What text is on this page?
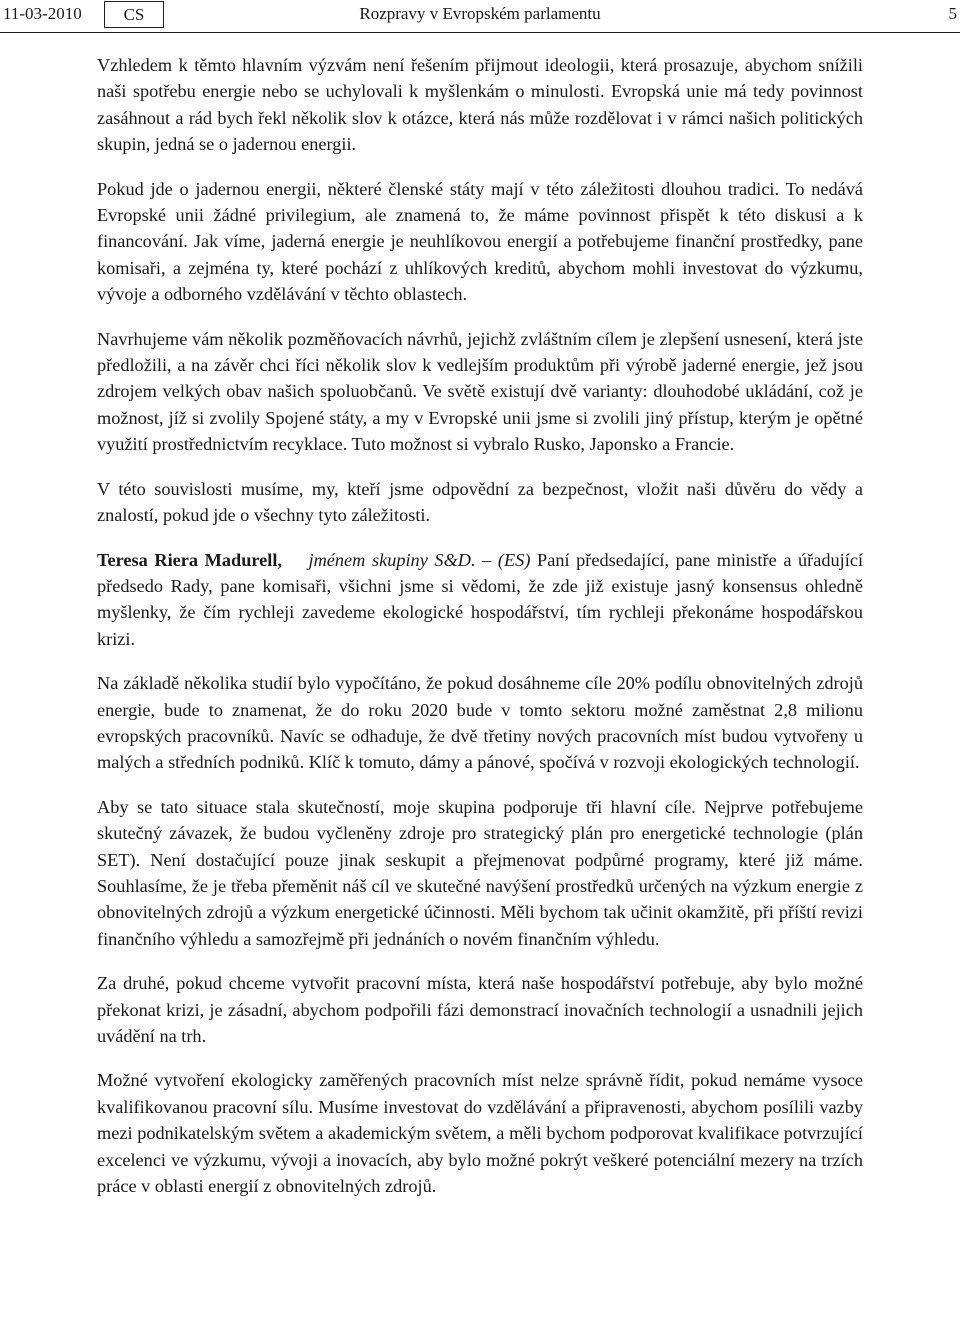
11-03-2010	CS	Rozpravy v Evropském parlamentu	5

Vzhledem k těmto hlavním výzvám není řešením přijmout ideologii, která prosazuje, abychom snížili naši spotřebu energie nebo se uchylovali k myšlenkám o minulosti. Evropská unie má tedy povinnost zasáhnout a rád bych řekl několik slov k otázce, která nás může rozdělovat i v rámci našich politických skupin, jedná se o jadernou energii.

Pokud jde o jadernou energii, některé členské státy mají v této záležitosti dlouhou tradici. To nedává Evropské unii žádné privilegium, ale znamená to, že máme povinnost přispět k této diskusi a k financování. Jak víme, jaderná energie je neuhlíkovou energií a potřebujeme finanční prostředky, pane komisaři, a zejména ty, které pochází z uhlíkových kreditů, abychom mohli investovat do výzkumu, vývoje a odborného vzdělávání v těchto oblastech.

Navrhujeme vám několik pozměňovacích návrhů, jejichž zvláštním cílem je zlepšení usnesení, která jste předložili, a na závěr chci říci několik slov k vedlejším produktům při výrobě jaderné energie, jež jsou zdrojem velkých obav našich spoluobčanů. Ve světě existují dvě varianty: dlouhodobé ukládání, což je možnost, jíž si zvolily Spojené státy, a my v Evropské unii jsme si zvolili jiný přístup, kterým je opětné využití prostřednictvím recyklace. Tuto možnost si vybralo Rusko, Japonsko a Francie.

V této souvislosti musíme, my, kteří jsme odpovědní za bezpečnost, vložit naši důvěru do vědy a znalostí, pokud jde o všechny tyto záležitosti.

Teresa Riera Madurell, jménem skupiny S&D. – (ES) Paní předsedající, pane ministře a úřadující předsedo Rady, pane komisaři, všichni jsme si vědomi, že zde již existuje jasný konsensus ohledně myšlenky, že čím rychleji zavedeme ekologické hospodářství, tím rychleji překonáme hospodářskou krizi.

Na základě několika studií bylo vypočítáno, že pokud dosáhneme cíle 20% podílu obnovitelných zdrojů energie, bude to znamenat, že do roku 2020 bude v tomto sektoru možné zaměstnat 2,8 milionu evropských pracovníků. Navíc se odhaduje, že dvě třetiny nových pracovních míst budou vytvořeny u malých a středních podniků. Klíč k tomuto, dámy a pánové, spočívá v rozvoji ekologických technologií.

Aby se tato situace stala skutečností, moje skupina podporuje tři hlavní cíle. Nejprve potřebujeme skutečný závazek, že budou vyčleněny zdroje pro strategický plán pro energetické technologie (plán SET). Není dostačující pouze jinak seskupit a přejmenovat podpůrné programy, které již máme. Souhlasíme, že je třeba přeměnit náš cíl ve skutečné navýšení prostředků určených na výzkum energie z obnovitelných zdrojů a výzkum energetické účinnosti. Měli bychom tak učinit okamžitě, při příští revizi finančního výhledu a samozřejmě při jednáních o novém finančním výhledu.

Za druhé, pokud chceme vytvořit pracovní místa, která naše hospodářství potřebuje, aby bylo možné překonat krizi, je zásadní, abychom podpořili fázi demonstrací inovačních technologií a usnadnili jejich uvádění na trh.

Možné vytvoření ekologicky zaměřených pracovních míst nelze správně řídit, pokud nemáme vysoce kvalifikovanou pracovní sílu. Musíme investovat do vzdělávání a připravenosti, abychom posílili vazby mezi podnikatelským světem a akademickým světem, a měli bychom podporovat kvalifikace potvrzující excelenci ve výzkumu, vývoji a inovacích, aby bylo možné pokrýt veškeré potenciální mezery na trzích práce v oblasti energií z obnovitelných zdrojů.
